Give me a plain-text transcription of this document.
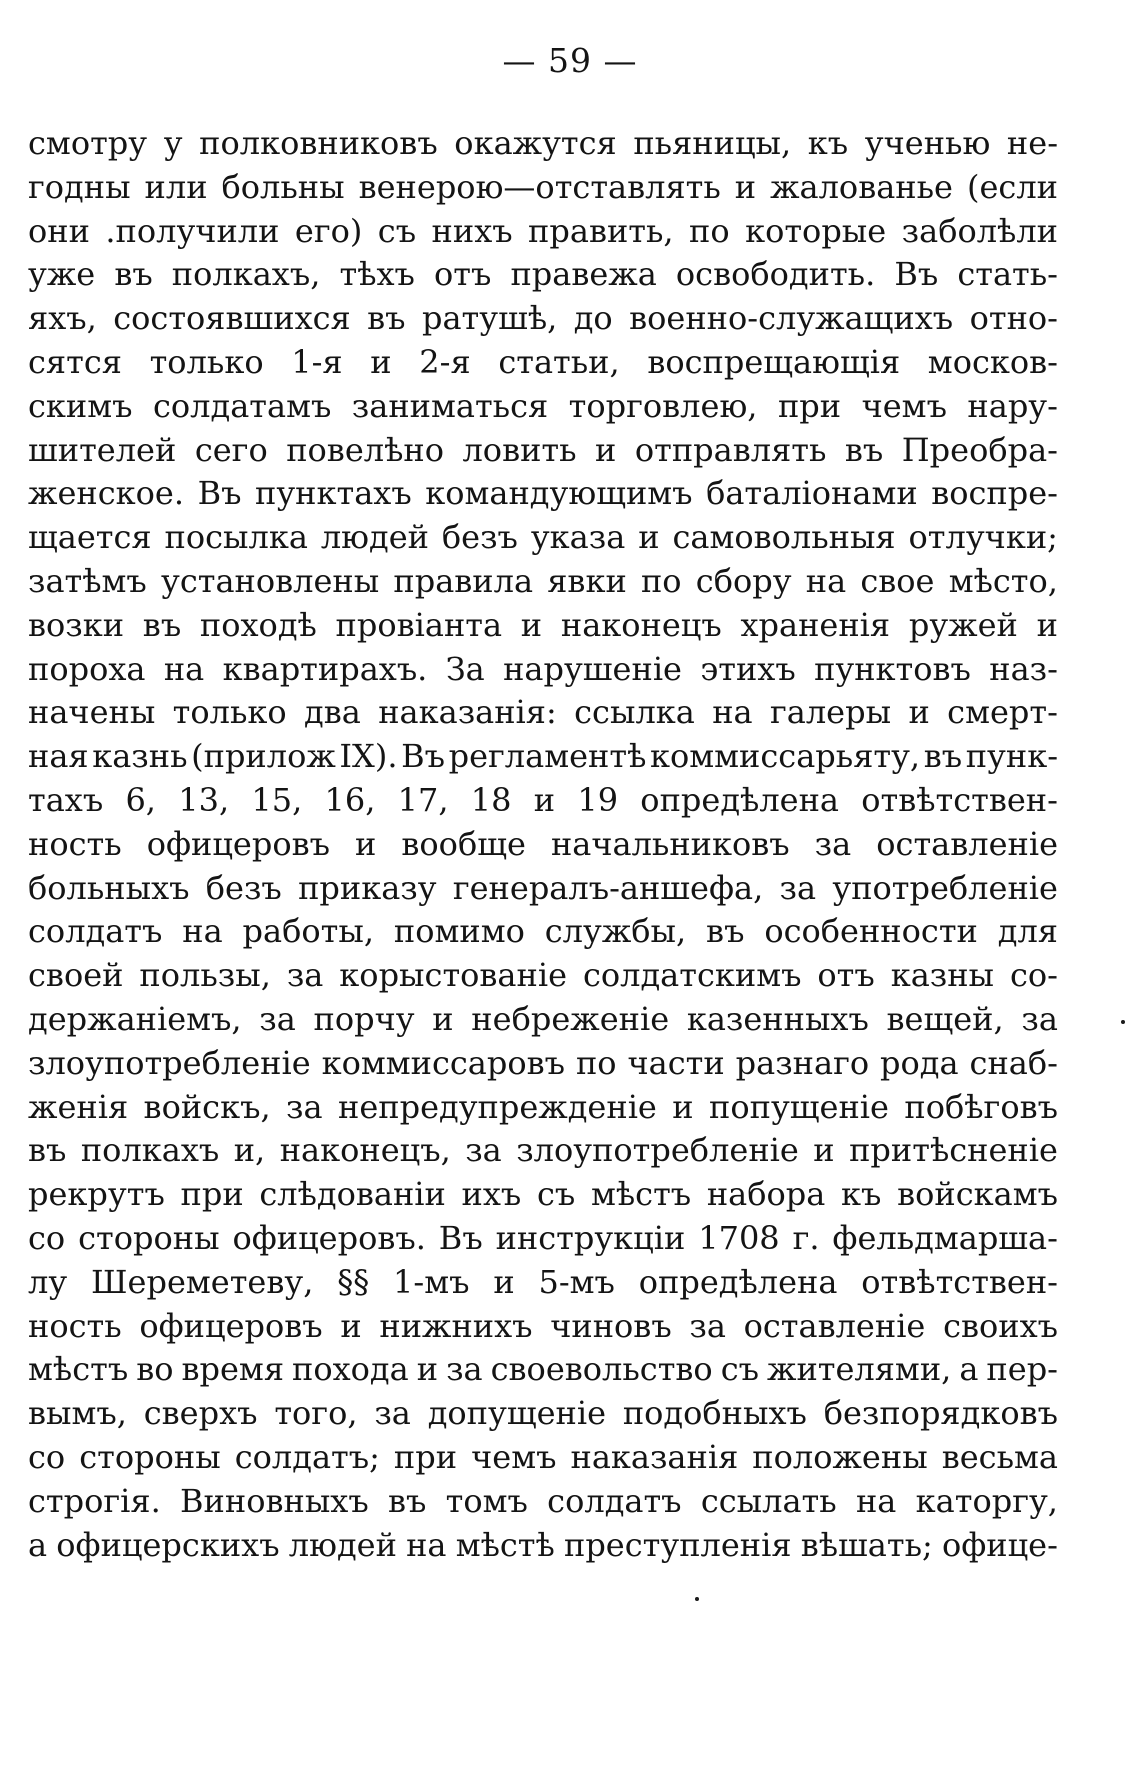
— 59 —
смотру у полковниковъ окажутся пьяницы, къ ученью не-
годны или больны венерою—отставлять и жалованье (если
они .получили его) съ нихъ править, по которые заболѣли
уже въ полкахъ, тѣхъ отъ правежа освободить. Въ стать-
яхъ, состоявшихся въ ратушѣ, до военно-служащихъ отно-
сятся только 1-я и 2-я статьи, воспрещающія москов-
скимъ солдатамъ заниматься торговлею, при чемъ нару-
шителей сего повелѣно ловить и отправлять въ Преобра-
женское. Въ пунктахъ командующимъ баталіонами воспре-
щается посылка людей безъ указа и самовольныя отлучки;
затѣмъ установлены правила явки по сбору на свое мѣсто,
возки въ походѣ провіанта и наконецъ храненія ружей и
пороха на квартирахъ. За нарушеніе этихъ пунктовъ наз-
начены только два наказанія: ссылка на галеры и смерт-
ная казнь (прилож IX). Въ регламентѣ коммиссарьяту, въ пунк-
тахъ 6, 13, 15, 16, 17, 18 и 19 опредѣлена отвѣтствен-
ность офицеровъ и вообще начальниковъ за оставленіе
больныхъ безъ приказу генералъ-аншефа, за употребленіе
солдатъ на работы, помимо службы, въ особенности для
своей пользы, за корыстованіе солдатскимъ отъ казны со-
держаніемъ, за порчу и небреженіе казенныхъ вещей, за
злоупотребленіе коммиссаровъ по части разнаго рода снаб-
женія войскъ, за непредупрежденіе и попущеніе побѣговъ
въ полкахъ и, наконецъ, за злоупотребленіе и притѣсненіе
рекрутъ при слѣдованіи ихъ съ мѣстъ набора къ войскамъ
со стороны офицеровъ. Въ инструкціи 1708 г. фельдмарша-
лу Шереметеву, §§ 1-мъ и 5-мъ опредѣлена отвѣтствен-
ность офицеровъ и нижнихъ чиновъ за оставленіе своихъ
мѣстъ во время похода и за своевольство съ жителями, а пер-
вымъ, сверхъ того, за допущеніе подобныхъ безпорядковъ
со стороны солдатъ; при чемъ наказанія положены весьма
строгія. Виновныхъ въ томъ солдатъ ссылать на каторгу,
а офицерскихъ людей на мѣстѣ преступленія вѣшать; офице-
